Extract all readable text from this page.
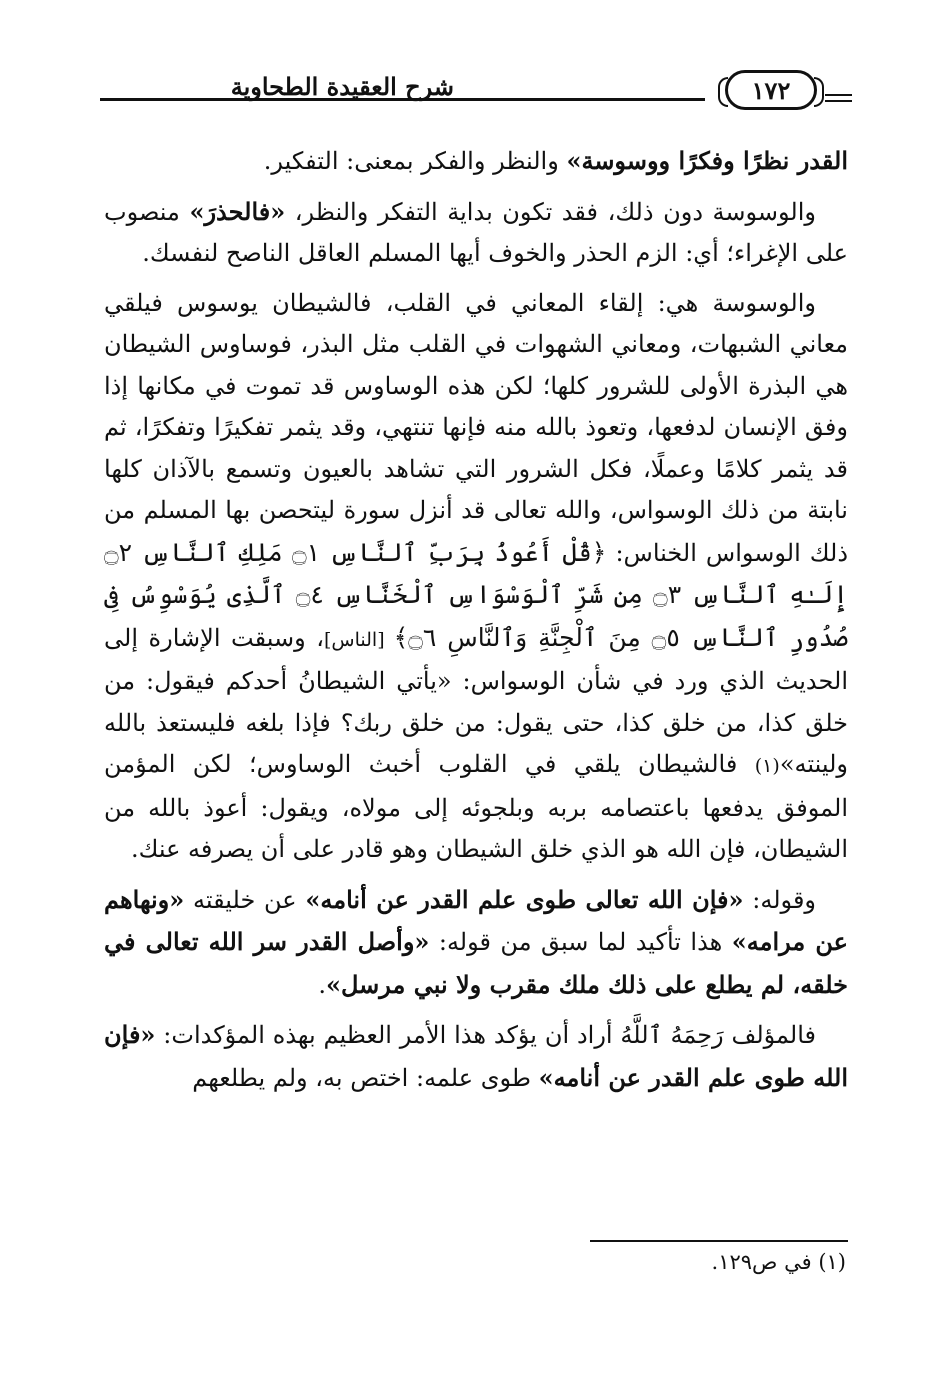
شرح العقيدة الطحاوية	١٧٢

القدر نظرًا وفكرًا ووسوسة» والنظر والفكر بمعنى: التفكير.

والوسوسة دون ذلك، فقد تكون بداية التفكر والنظر، «فالحذرَ» منصوب على الإغراء؛ أي: الزم الحذر والخوف أيها المسلم العاقل الناصح لنفسك.

والوسوسة هي: إلقاء المعاني في القلب، فالشيطان يوسوس فيلقي معاني الشبهات، ومعاني الشهوات في القلب مثل البذر، فوساوس الشيطان هي البذرة الأولى للشرور كلها؛ لكن هذه الوساوس قد تموت في مكانها إذا وفق الإنسان لدفعها، وتعوذ بالله منه فإنها تنتهي، وقد يثمر تفكيرًا وتفكرًا، ثم قد يثمر كلامًا وعملًا، فكل الشرور التي تشاهد بالعيون وتسمع بالآذان كلها نابتة من ذلك الوسواس، والله تعالى قد أنزل سورة ليتحصن بها المسلم من ذلك الوسواس الخناس: ﴿قُلْ أَعُوذُ بِرَبِّ ٱلنَّاسِ ۝١ مَلِكِ ٱلنَّاسِ ۝٢ إِلَـٰهِ ٱلنَّاسِ ۝٣ مِن شَرِّ ٱلْوَسْوَاسِ ٱلْخَنَّاسِ ۝٤ ٱلَّذِى يُوَسْوِسُ فِى صُدُورِ ٱلنَّاسِ ۝٥ مِنَ ٱلْجِنَّةِ وَٱلنَّاسِ ۝٦﴾ [الناس]، وسبقت الإشارة إلى الحديث الذي ورد في شأن الوسواس: «يأتي الشيطانُ أحدكم فيقول: من خلق كذا، من خلق كذا، حتى يقول: من خلق ربك؟ فإذا بلغه فليستعذ بالله ولينته»(١) فالشيطان يلقي في القلوب أخبث الوساوس؛ لكن المؤمن الموفق يدفعها باعتصامه بربه وبلجوئه إلى مولاه، ويقول: أعوذ بالله من الشيطان، فإن الله هو الذي خلق الشيطان وهو قادر على أن يصرفه عنك.

وقوله: «فإن الله تعالى طوى علم القدر عن أنامه» عن خليقته «ونهاهم عن مرامه» هذا تأكيد لما سبق من قوله: «وأصل القدر سر الله تعالى في خلقه، لم يطلع على ذلك ملك مقرب ولا نبي مرسل».

فالمؤلف رَحِمَهُ ٱللَّهُ أراد أن يؤكد هذا الأمر العظيم بهذه المؤكدات: «فإن الله طوى علم القدر عن أنامه» طوى علمه: اختص به، ولم يطلعهم

(١) في ص١٢٩.
